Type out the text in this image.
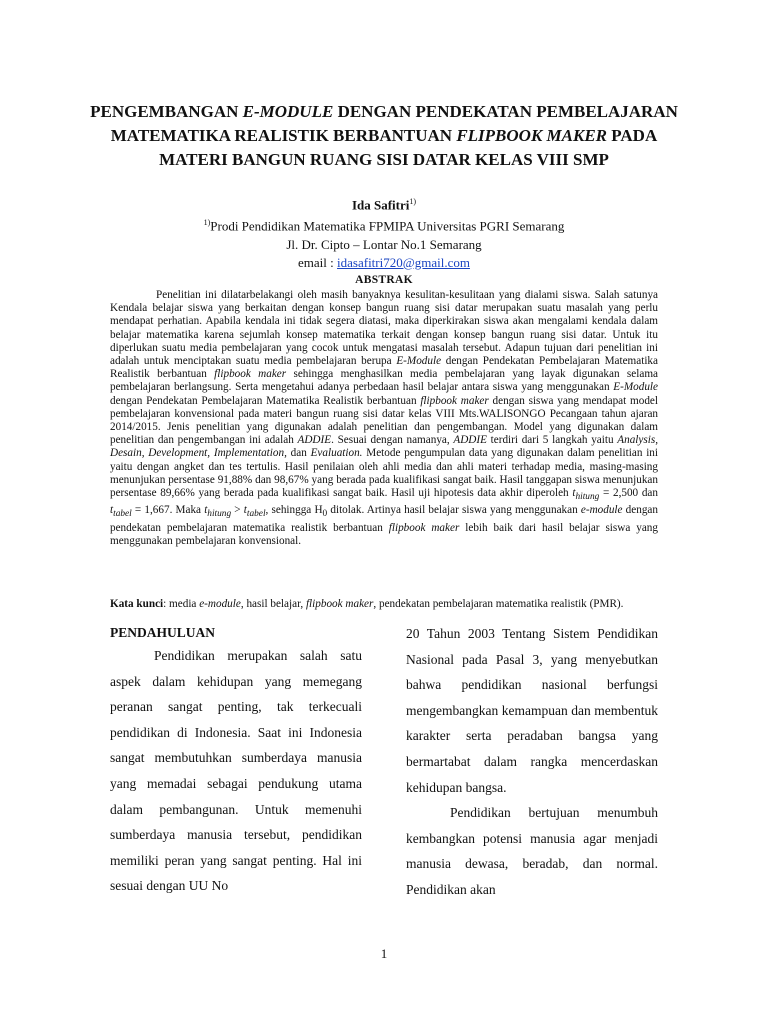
PENGEMBANGAN E-MODULE DENGAN PENDEKATAN PEMBELAJARAN
MATEMATIKA REALISTIK BERBANTUAN FLIPBOOK MAKER PADA
MATERI BANGUN RUANG SISI DATAR KELAS VIII SMP
Ida Safitri$^{1)}$
$^{1)}$Prodi Pendidikan Matematika FPMIPA Universitas PGRI Semarang
Jl. Dr. Cipto – Lontar No.1 Semarang
email : idasafitri720@gmail.com
ABSTRAK

Penelitian ini dilatarbelakangi oleh masih banyaknya kesulitan-kesulitaan yang dialami siswa. Salah satunya Kendala belajar siswa yang berkaitan dengan konsep bangun ruang sisi datar merupakan suatu masalah yang perlu mendapat perhatian. Apabila kendala ini tidak segera diatasi, maka diperkirakan siswa akan mengalami kendala dalam belajar matematika karena sejumlah konsep matematika terkait dengan konsep bangun ruang sisi datar. Untuk itu diperlukan suatu media pembelajaran yang cocok untuk mengatasi masalah tersebut. Adapun tujuan dari penelitian ini adalah untuk menciptakan suatu media pembelajaran berupa E-Module dengan Pendekatan Pembelajaran Matematika Realistik berbantuan flipbook maker sehingga menghasilkan media pembelajaran yang layak digunakan selama pembelajaran berlangsung. Serta mengetahui adanya perbedaan hasil belajar antara siswa yang menggunakan E-Module dengan Pendekatan Pembelajaran Matematika Realistik berbantuan flipbook maker dengan siswa yang mendapat model pembelajaran konvensional pada materi bangun ruang sisi datar kelas VIII Mts.WALISONGO Pecangaan tahun ajaran 2014/2015. Jenis penelitian yang digunakan adalah penelitian dan pengembangan. Model yang digunakan dalam penelitian dan pengembangan ini adalah ADDIE. Sesuai dengan namanya, ADDIE terdiri dari 5 langkah yaitu Analysis, Desain, Development, Implementation, dan Evaluation. Metode pengumpulan data yang digunakan dalam penelitian ini yaitu dengan angket dan tes tertulis. Hasil penilaian oleh ahli media dan ahli materi terhadap media, masing-masing menunjukan persentase 91,88% dan 98,67% yang berada pada kualifikasi sangat baik. Hasil tanggapan siswa menunjukan persentase 89,66% yang berada pada kualifikasi sangat baik. Hasil uji hipotesis data akhir diperoleh $t_{hitung} = 2,500$ dan $t_{tabel} = 1,667$. Maka $t_{hitung} > t_{tabel}$, sehingga $H_0$ ditolak. Artinya hasil belajar siswa yang menggunakan e-module dengan pendekatan pembelajaran matematika realistik berbantuan flipbook maker lebih baik dari hasil belajar siswa yang menggunakan pembelajaran konvensional.

Kata kunci: media e-module, hasil belajar, flipbook maker, pendekatan pembelajaran matematika realistik (PMR).

PENDAHULUAN

Pendidikan merupakan salah satu aspek dalam kehidupan yang memegang peranan sangat penting, tak terkecuali pendidikan di Indonesia. Saat ini Indonesia sangat membutuhkan sumberdaya manusia yang memadai sebagai pendukung utama dalam pembangunan. Untuk memenuhi sumberdaya manusia tersebut, pendidikan memiliki peran yang sangat penting. Hal ini sesuai dengan UU No

20 Tahun 2003 Tentang Sistem Pendidikan Nasional pada Pasal 3, yang menyebutkan bahwa pendidikan nasional berfungsi mengembangkan kemampuan dan membentuk karakter serta peradaban bangsa yang bermartabat dalam rangka mencerdaskan kehidupan bangsa.

Pendidikan bertujuan menumbuh kembangkan potensi manusia agar menjadi manusia dewasa, beradab, dan normal. Pendidikan akan

1
